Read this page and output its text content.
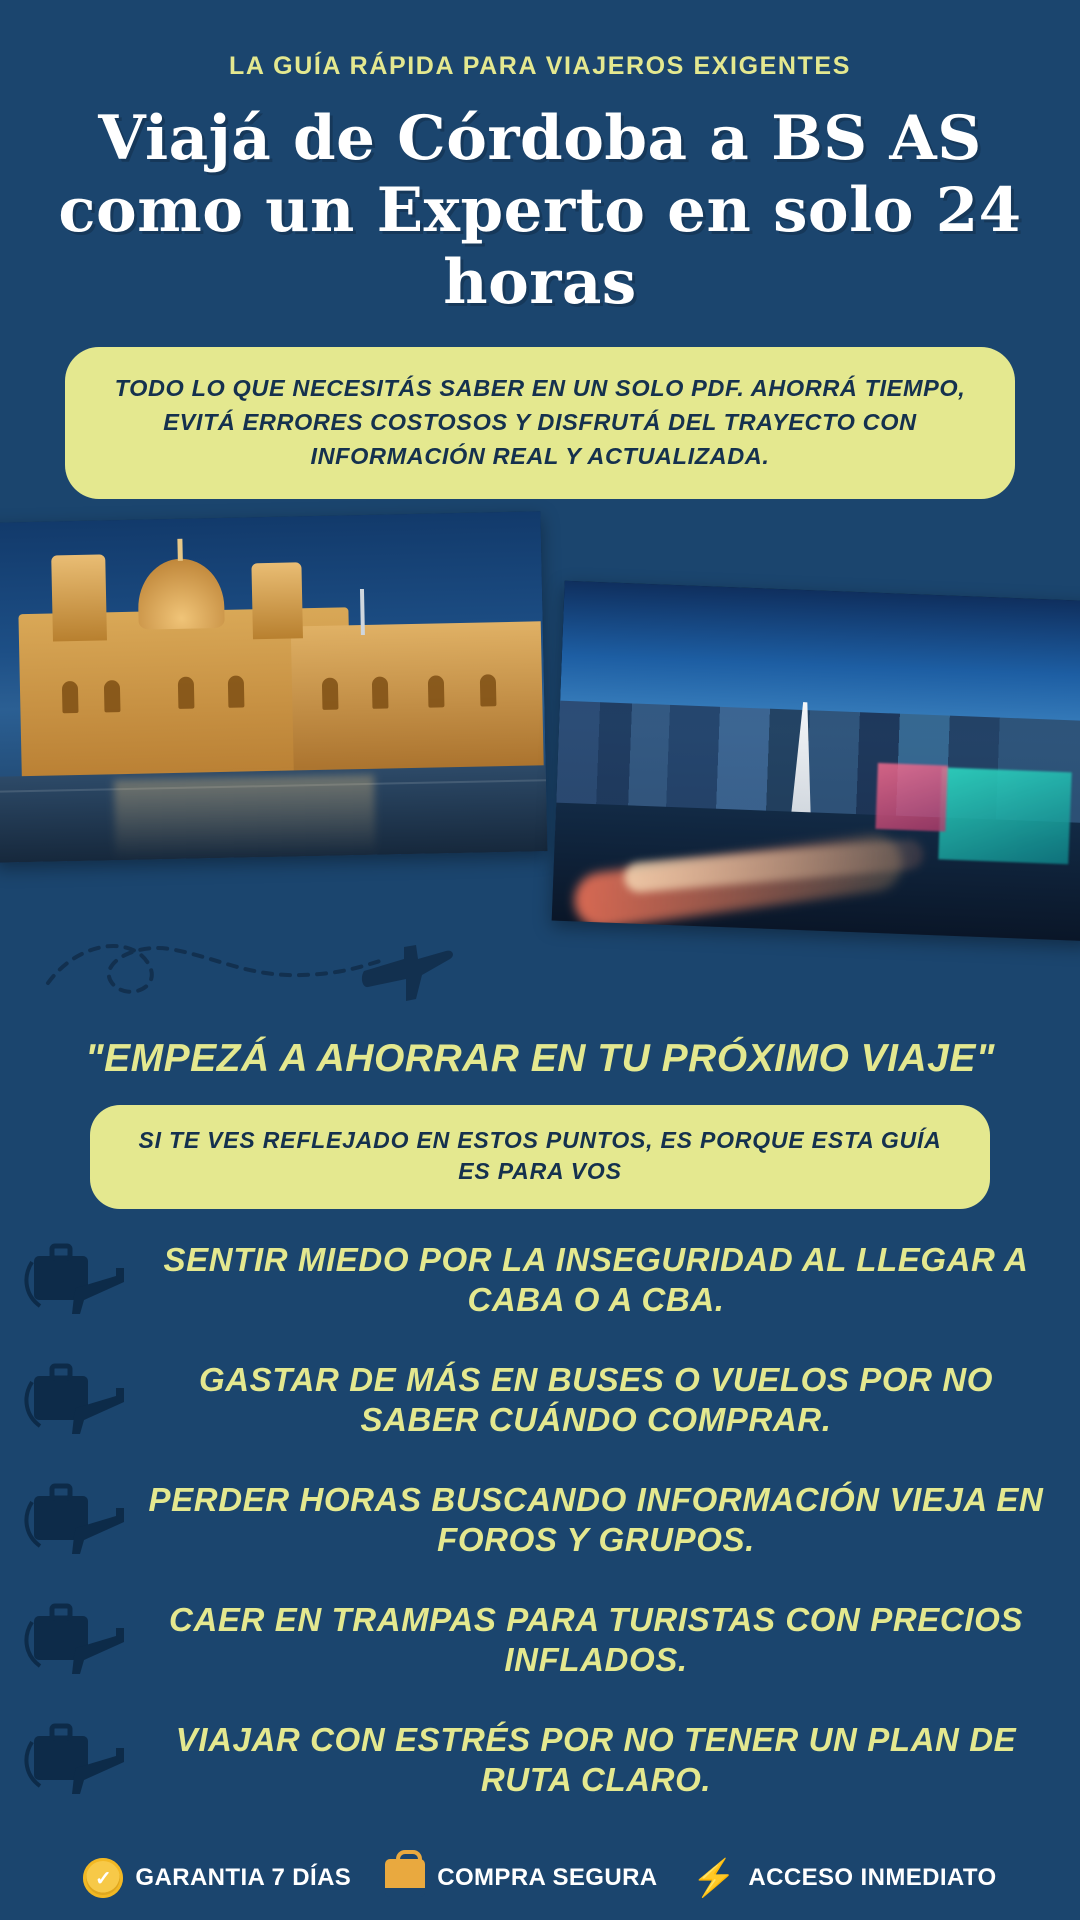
LA GUÍA RÁPIDA PARA VIAJEROS EXIGENTES
Viajá de Córdoba a BS AS como un Experto en solo 24 horas

TODO LO QUE NECESITÁS SABER EN UN SOLO PDF. AHORRÁ TIEMPO, EVITÁ ERRORES COSTOSOS Y DISFRUTÁ DEL TRAYECTO CON INFORMACIÓN REAL Y ACTUALIZADA.

"EMPEZÁ A AHORRAR EN TU PRÓXIMO VIAJE"

SI TE VES REFLEJADO EN ESTOS PUNTOS, ES PORQUE ESTA GUÍA ES PARA VOS

SENTIR MIEDO POR LA INSEGURIDAD AL LLEGAR A CABA O A CBA.
GASTAR DE MÁS EN BUSES O VUELOS POR NO SABER CUÁNDO COMPRAR.
PERDER HORAS BUSCANDO INFORMACIÓN VIEJA EN FOROS Y GRUPOS.
CAER EN TRAMPAS PARA TURISTAS CON PRECIOS INFLADOS.
VIAJAR CON ESTRÉS POR NO TENER UN PLAN DE RUTA CLARO.
✓ GARANTIA 7 DÍAS	COMPRA SEGURA ⚡ ACCESO INMEDIATO
